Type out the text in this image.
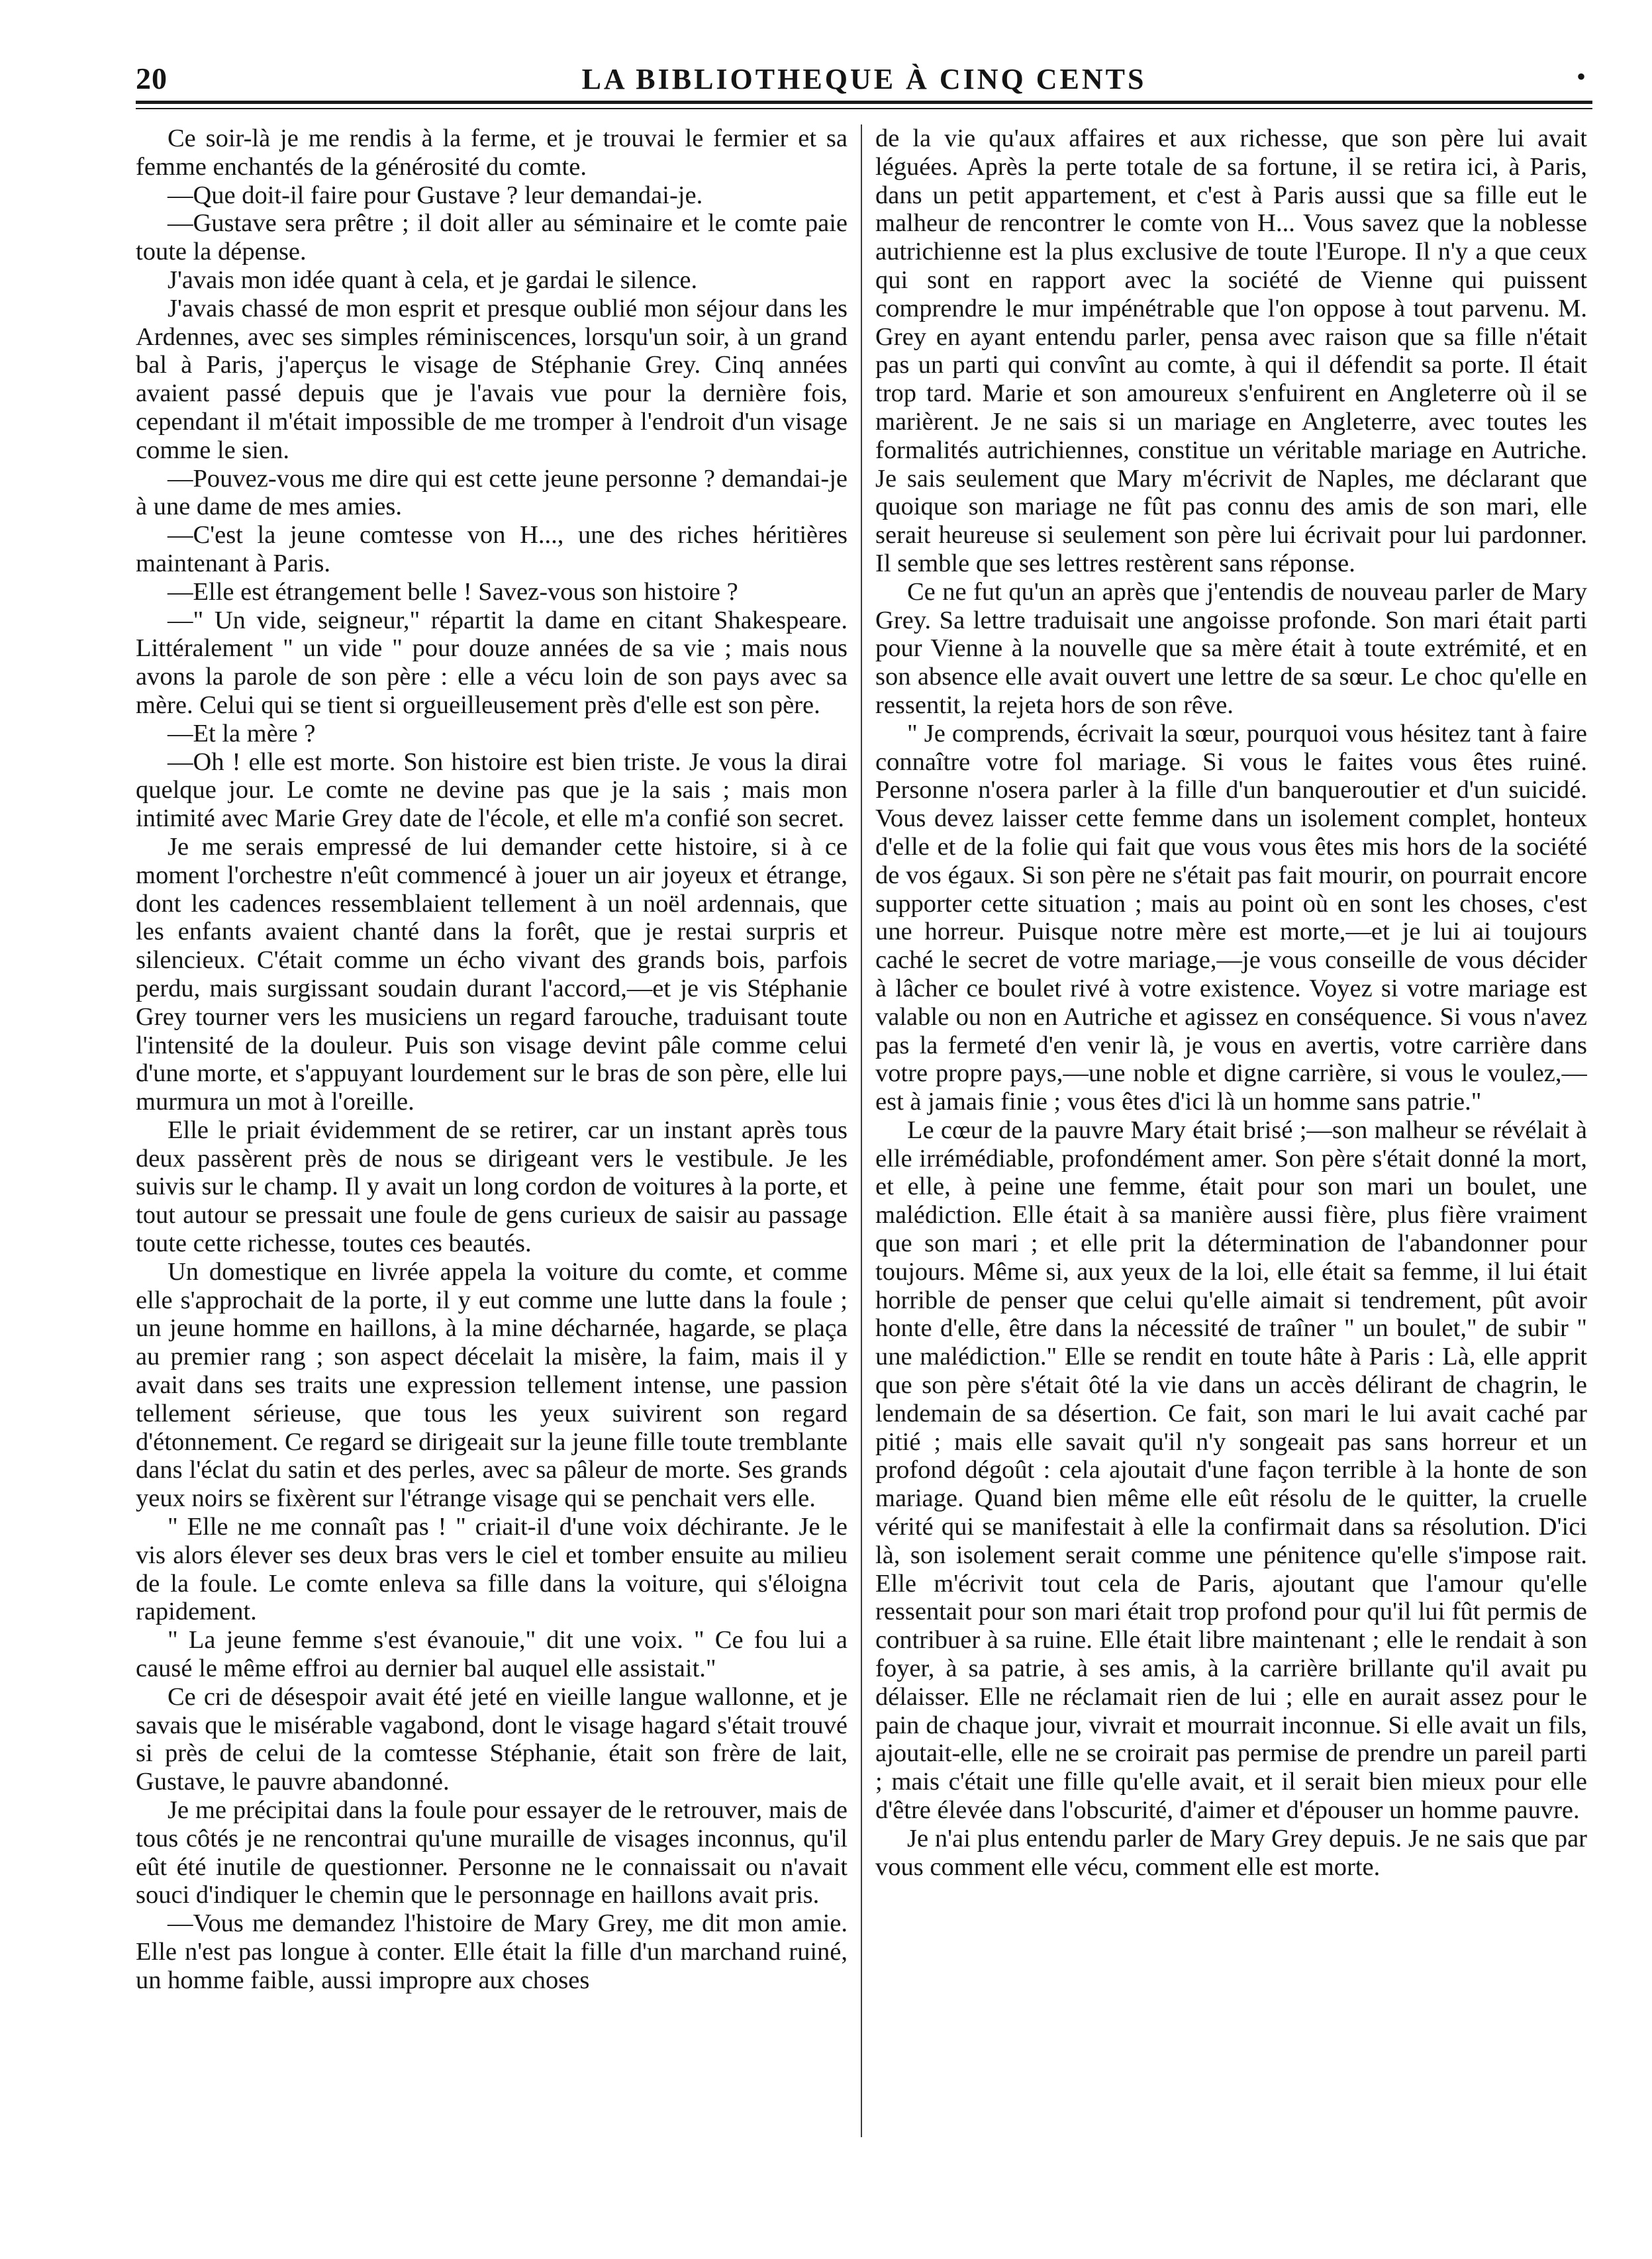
20	LA BIBLIOTHEQUE À CINQ CENTS	•

Ce soir-là je me rendis à la ferme, et je trouvai le fermier et sa femme enchantés de la générosité du comte.

—Que doit-il faire pour Gustave ? leur demandai-je.

—Gustave sera prêtre ; il doit aller au séminaire et le comte paie toute la dépense.

J'avais mon idée quant à cela, et je gardai le silence.

J'avais chassé de mon esprit et presque oublié mon séjour dans les Ardennes, avec ses simples réminiscences, lorsqu'un soir, à un grand bal à Paris, j'aperçus le visage de Stéphanie Grey. Cinq années avaient passé depuis que je l'avais vue pour la dernière fois, cependant il m'était impossible de me tromper à l'endroit d'un visage comme le sien.

—Pouvez-vous me dire qui est cette jeune personne ? demandai-je à une dame de mes amies.

—C'est la jeune comtesse von H..., une des riches héritières maintenant à Paris.

—Elle est étrangement belle ! Savez-vous son histoire ?

—" Un vide, seigneur," répartit la dame en citant Shakespeare. Littéralement " un vide " pour douze années de sa vie ; mais nous avons la parole de son père : elle a vécu loin de son pays avec sa mère. Celui qui se tient si orgueilleusement près d'elle est son père.

—Et la mère ?

—Oh ! elle est morte. Son histoire est bien triste. Je vous la dirai quelque jour. Le comte ne devine pas que je la sais ; mais mon intimité avec Marie Grey date de l'école, et elle m'a confié son secret.

Je me serais empressé de lui demander cette histoire, si à ce moment l'orchestre n'eût commencé à jouer un air joyeux et étrange, dont les cadences ressemblaient tellement à un noël ardennais, que les enfants avaient chanté dans la forêt, que je restai surpris et silencieux. C'était comme un écho vivant des grands bois, parfois perdu, mais surgissant soudain durant l'accord,—et je vis Stéphanie Grey tourner vers les musiciens un regard farouche, traduisant toute l'intensité de la douleur. Puis son visage devint pâle comme celui d'une morte, et s'appuyant lourdement sur le bras de son père, elle lui murmura un mot à l'oreille.

Elle le priait évidemment de se retirer, car un instant après tous deux passèrent près de nous se dirigeant vers le vestibule. Je les suivis sur le champ. Il y avait un long cordon de voitures à la porte, et tout autour se pressait une foule de gens curieux de saisir au passage toute cette richesse, toutes ces beautés.

Un domestique en livrée appela la voiture du comte, et comme elle s'approchait de la porte, il y eut comme une lutte dans la foule ; un jeune homme en haillons, à la mine décharnée, hagarde, se plaça au premier rang ; son aspect décelait la misère, la faim, mais il y avait dans ses traits une expression tellement intense, une passion tellement sérieuse, que tous les yeux suivirent son regard d'étonnement. Ce regard se dirigeait sur la jeune fille toute tremblante dans l'éclat du satin et des perles, avec sa pâleur de morte. Ses grands yeux noirs se fixèrent sur l'étrange visage qui se penchait vers elle.

" Elle ne me connaît pas ! " criait-il d'une voix déchirante. Je le vis alors élever ses deux bras vers le ciel et tomber ensuite au milieu de la foule. Le comte enleva sa fille dans la voiture, qui s'éloigna rapidement.

" La jeune femme s'est évanouie," dit une voix. " Ce fou lui a causé le même effroi au dernier bal auquel elle assistait."

Ce cri de désespoir avait été jeté en vieille langue wallonne, et je savais que le misérable vagabond, dont le visage hagard s'était trouvé si près de celui de la comtesse Stéphanie, était son frère de lait, Gustave, le pauvre abandonné.

Je me précipitai dans la foule pour essayer de le retrouver, mais de tous côtés je ne rencontrai qu'une muraille de visages inconnus, qu'il eût été inutile de questionner. Personne ne le connaissait ou n'avait souci d'indiquer le chemin que le personnage en haillons avait pris.

—Vous me demandez l'histoire de Mary Grey, me dit mon amie. Elle n'est pas longue à conter. Elle était la fille d'un marchand ruiné, un homme faible, aussi impropre aux choses

de la vie qu'aux affaires et aux richesse, que son père lui avait léguées. Après la perte totale de sa fortune, il se retira ici, à Paris, dans un petit appartement, et c'est à Paris aussi que sa fille eut le malheur de rencontrer le comte von H... Vous savez que la noblesse autrichienne est la plus exclusive de toute l'Europe. Il n'y a que ceux qui sont en rapport avec la société de Vienne qui puissent comprendre le mur impénétrable que l'on oppose à tout parvenu. M. Grey en ayant entendu parler, pensa avec raison que sa fille n'était pas un parti qui convînt au comte, à qui il défendit sa porte. Il était trop tard. Marie et son amoureux s'enfuirent en Angleterre où il se marièrent. Je ne sais si un mariage en Angleterre, avec toutes les formalités autrichiennes, constitue un véritable mariage en Autriche. Je sais seulement que Mary m'écrivit de Naples, me déclarant que quoique son mariage ne fût pas connu des amis de son mari, elle serait heureuse si seulement son père lui écrivait pour lui pardonner. Il semble que ses lettres restèrent sans réponse.

Ce ne fut qu'un an après que j'entendis de nouveau parler de Mary Grey. Sa lettre traduisait une angoisse profonde. Son mari était parti pour Vienne à la nouvelle que sa mère était à toute extrémité, et en son absence elle avait ouvert une lettre de sa sœur. Le choc qu'elle en ressentit, la rejeta hors de son rêve.

" Je comprends, écrivait la sœur, pourquoi vous hésitez tant à faire connaître votre fol mariage. Si vous le faites vous êtes ruiné. Personne n'osera parler à la fille d'un banqueroutier et d'un suicidé. Vous devez laisser cette femme dans un isolement complet, honteux d'elle et de la folie qui fait que vous vous êtes mis hors de la société de vos égaux. Si son père ne s'était pas fait mourir, on pourrait encore supporter cette situation ; mais au point où en sont les choses, c'est une horreur. Puisque notre mère est morte,—et je lui ai toujours caché le secret de votre mariage,—je vous conseille de vous décider à lâcher ce boulet rivé à votre existence. Voyez si votre mariage est valable ou non en Autriche et agissez en conséquence. Si vous n'avez pas la fermeté d'en venir là, je vous en avertis, votre carrière dans votre propre pays,—une noble et digne carrière, si vous le voulez,—est à jamais finie ; vous êtes d'ici là un homme sans patrie."

Le cœur de la pauvre Mary était brisé ;—son malheur se révélait à elle irrémédiable, profondément amer. Son père s'était donné la mort, et elle, à peine une femme, était pour son mari un boulet, une malédiction. Elle était à sa manière aussi fière, plus fière vraiment que son mari ; et elle prit la détermination de l'abandonner pour toujours. Même si, aux yeux de la loi, elle était sa femme, il lui était horrible de penser que celui qu'elle aimait si tendrement, pût avoir honte d'elle, être dans la nécessité de traîner " un boulet," de subir " une malédiction." Elle se rendit en toute hâte à Paris : Là, elle apprit que son père s'était ôté la vie dans un accès délirant de chagrin, le lendemain de sa désertion. Ce fait, son mari le lui avait caché par pitié ; mais elle savait qu'il n'y songeait pas sans horreur et un profond dégoût : cela ajoutait d'une façon terrible à la honte de son mariage. Quand bien même elle eût résolu de le quitter, la cruelle vérité qui se manifestait à elle la confirmait dans sa résolution. D'ici là, son isolement serait comme une pénitence qu'elle s'impose rait. Elle m'écrivit tout cela de Paris, ajoutant que l'amour qu'elle ressentait pour son mari était trop profond pour qu'il lui fût permis de contribuer à sa ruine. Elle était libre maintenant ; elle le rendait à son foyer, à sa patrie, à ses amis, à la carrière brillante qu'il avait pu délaisser. Elle ne réclamait rien de lui ; elle en aurait assez pour le pain de chaque jour, vivrait et mourrait inconnue. Si elle avait un fils, ajoutait-elle, elle ne se croirait pas permise de prendre un pareil parti ; mais c'était une fille qu'elle avait, et il serait bien mieux pour elle d'être élevée dans l'obscurité, d'aimer et d'épouser un homme pauvre.

Je n'ai plus entendu parler de Mary Grey depuis. Je ne sais que par vous comment elle vécu, comment elle est morte.
